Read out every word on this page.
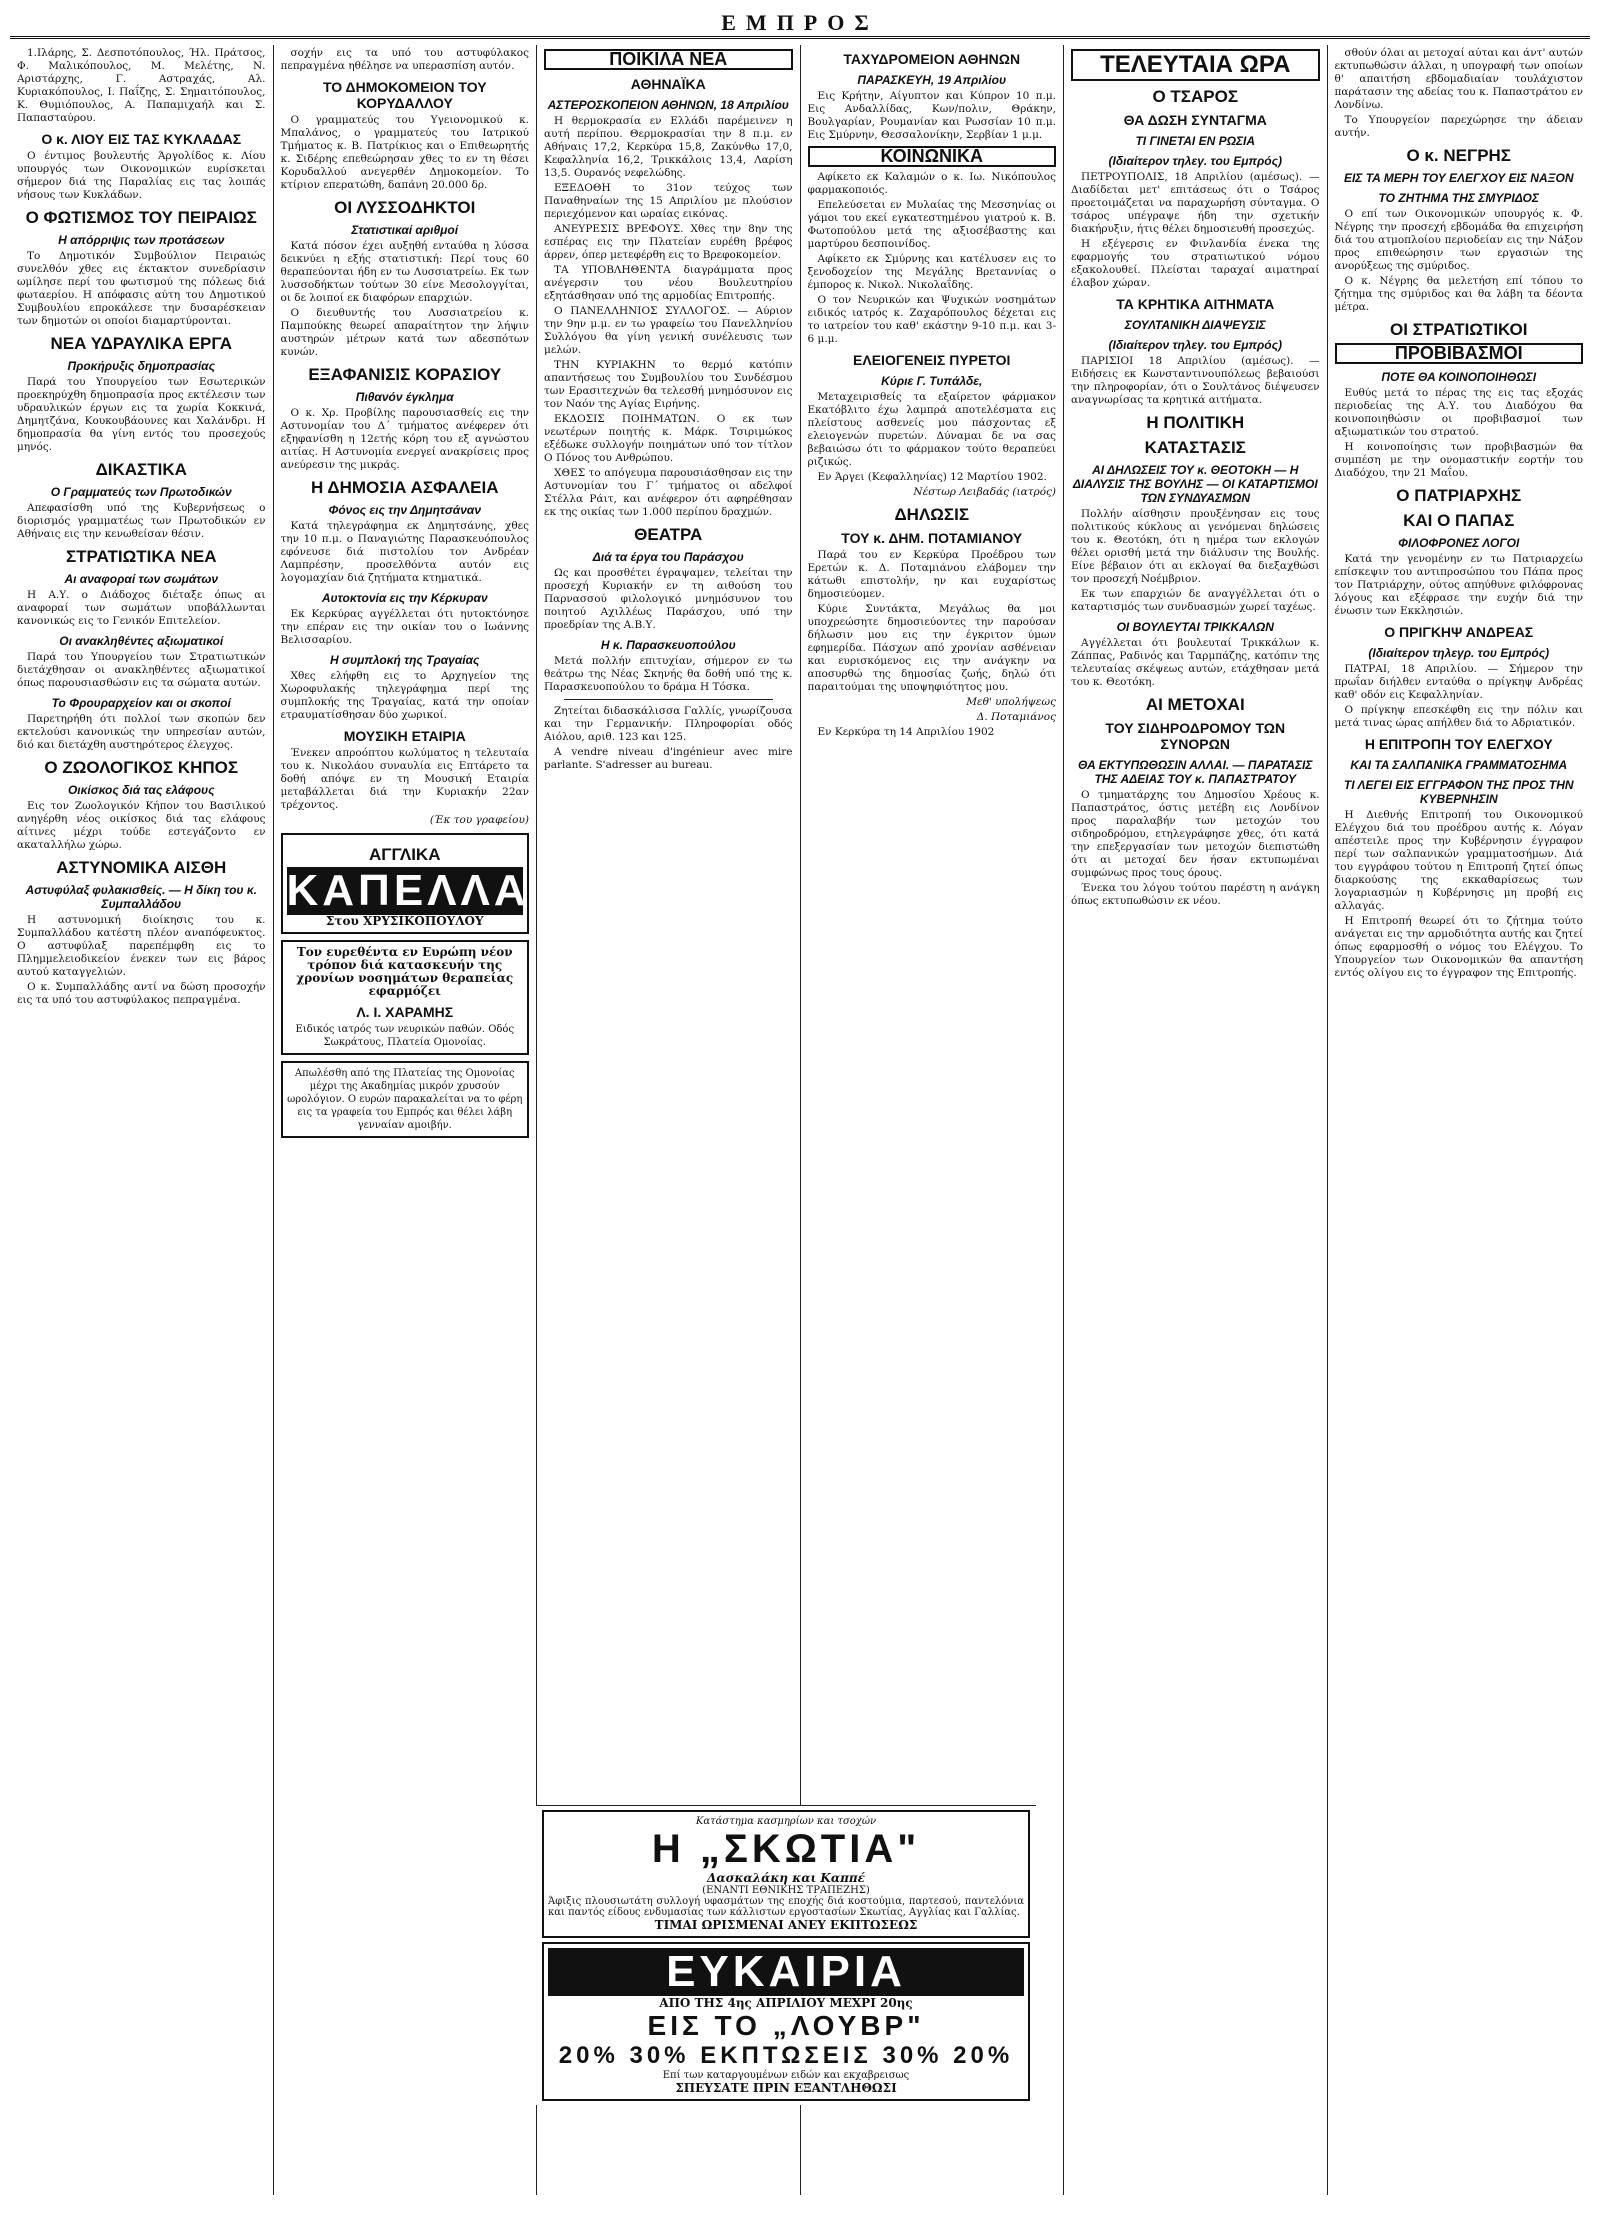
ΕΜΠΡΟΣ

1.Ιλάρης, Σ. Δεσποτόπουλος, Ήλ. Πράτσος, Φ. Μαλικόπουλος, Μ. Μελέτης, Ν. Αριστάρχης, Γ. Αστραχάς, Αλ. Κυριακόπουλος, Ι. Παΐζης, Σ. Σημαιτόπουλος, Κ. Θυμιόπουλος, Α. Παπαμιχαήλ και Σ. Παπασταύρου.

Ο κ. ΛΙΟΥ ΕΙΣ ΤΑΣ ΚΥΚΛΑΔΑΣ

Ο έντιμος βουλευτής Άργολίδος κ. Λίου υπουργός των Οικονομικών ευρίσκεται σήμερον διά της Παραλίας εις τας λοιπάς νήσους των Κυκλάδων.

Ο ΦΩΤΙΣΜΟΣ ΤΟΥ ΠΕΙΡΑΙΩΣ
Η απόρριψις των προτάσεων

Το Δημοτικόν Συμβούλιον Πειραιώς συνελθόν χθες εις έκτακτον συνεδρίασιν ωμίλησε περί του φωτισμού της πόλεως διά φωταερίου. Η απόφασις αύτη του Δημοτικού Συμβουλίου επροκάλεσε την δυσαρέσκειαν των δημοτών οι οποίοι διαμαρτύρονται.

ΝΕΑ ΥΔΡΑΥΛΙΚΑ ΕΡΓΑ
Προκήρυξις δημοπρασίας

Παρά του Υπουργείου των Εσωτερικών προεκηρύχθη δημοπρασία προς εκτέλεσιν των υδραυλικών έργων εις τα χωρία Κοκκινά, Δημητζάνα, Κουκουβάουνες και Χαλάνδρι. Η δημοπρασία θα γίνη εντός του προσεχούς μηνός.

ΔΙΚΑΣΤΙΚΑ
Ο Γραμματεύς των Πρωτοδικών

Απεφασίσθη υπό της Κυβερνήσεως ο διορισμός γραμματέως των Πρωτοδικών εν Αθήναις εις την κενωθείσαν θέσιν.

ΣΤΡΑΤΙΩΤΙΚΑ ΝΕΑ
Αι αναφοραί των σωμάτων

Η Α.Υ. ο Διάδοχος διέταξε όπως αι αναφοραί των σωμάτων υποβάλλωνται κανονικώς εις το Γενικόν Επιτελείον.

Οι ανακληθέντες αξιωματικοί

Παρά του Υπουργείου των Στρατιωτικών διετάχθησαν οι ανακληθέντες αξιωματικοί όπως παρουσιασθώσιν εις τα σώματα αυτών.

Το Φρουραρχείον και οι σκοποί

Παρετηρήθη ότι πολλοί των σκοπών δεν εκτελούσι κανονικώς την υπηρεσίαν αυτών, διό και διετάχθη αυστηρότερος έλεγχος.

Ο ΖΩΟΛΟΓΙΚΟΣ ΚΗΠΟΣ
Οικίσκος διά τας ελάφους

Εις τον Ζωολογικόν Κήπον του Βασιλικού ανηγέρθη νέος οικίσκος διά τας ελάφους αίτινες μέχρι τούδε εστεγάζοντο εν ακαταλλήλω χώρω.

ΑΣΤΥΝΟΜΙΚΑ ΑΙΣΘΗ
Αστυφύλαξ φυλακισθείς. — Η δίκη του κ. Συμπαλλάδου

Η αστυνομική διοίκησις του κ. Συμπαλλάδου κατέστη πλέον αναπόφευκτος. Ο αστυφύλαξ παρεπέμφθη εις το Πλημμελειοδικείον ένεκεν των εις βάρος αυτού καταγγελιών.

Ο κ. Συμπαλλάδης αντί να δώση προσοχήν εις τα υπό του αστυφύλακος πεπραγμένα.

σοχήν εις τα υπό του αστυφύλακος πεπραγμένα ηθέλησε να υπερασπίση αυτόν.

ΤΟ ΔΗΜΟΚΟΜΕΙΟΝ ΤΟΥ ΚΟΡΥΔΑΛΛΟΥ

Ο γραμματεύς του Υγειονομικού κ. Μπαλάνος, ο γραμματεύς του Ιατρικού Τμήματος κ. Β. Πατρίκιος και ο Επιθεωρητής κ. Σιδέρης επεθεώρησαν χθες το εν τη θέσει Κορυδαλλού ανεγερθέν Δημοκομείον. Το κτίριον επερατώθη, δαπάνη 20.000 δρ.

ΟΙ ΛΥΣΣΟΔΗΚΤΟΙ
Στατιστικαί αριθμοί

Κατά πόσον έχει αυξηθή ενταύθα η λύσσα δεικνύει η εξής στατιστική: Περί τους 60 θεραπεύονται ήδη εν τω Λυσσιατρείω. Εκ των λυσσοδήκτων τούτων 30 είνε Μεσολογγίται, οι δε λοιποί εκ διαφόρων επαρχιών.

Ο διευθυντής του Λυσσιατρείου κ. Παμπούκης θεωρεί απαραίτητον την λήψιν αυστηρών μέτρων κατά των αδεσπότων κυνών.

ΕΞΑΦΑΝΙΣΙΣ ΚΟΡΑΣΙΟΥ
Πιθανόν έγκλημα

Ο κ. Χρ. Προβίλης παρουσιασθείς εις την Αστυνομίαν του Δ΄ τμήματος ανέφερεν ότι εξηφανίσθη η 12ετής κόρη του εξ αγνώστου αιτίας. Η Αστυνομία ενεργεί ανακρίσεις προς ανεύρεσιν της μικράς.

Η ΔΗΜΟΣΙΑ ΑΣΦΑΛΕΙΑ
Φόνος εις την Δημητσάναν

Κατά τηλεγράφημα εκ Δημητσάνης, χθες την 10 π.μ. ο Παναγιώτης Παρασκευόπουλος εφόνευσε διά πιστολίου τον Ανδρέαν Λαμπρέσην, προσελθόντα αυτόν εις λογομαχίαν διά ζητήματα κτηματικά.

Αυτοκτονία εις την Κέρκυραν

Εκ Κερκύρας αγγέλλεται ότι ηυτοκτόνησε την επέραν εις την οικίαν του ο Ιωάννης Βελισσαρίου.

Η συμπλοκή της Τραγαίας

Χθες ελήφθη εις το Αρχηγείον της Χωροφυλακής τηλεγράφημα περί της συμπλοκής της Τραγαίας, κατά την οποίαν ετραυματίσθησαν δύο χωρικοί.

ΜΟΥΣΙΚΗ ΕΤΑΙΡΙΑ

Ένεκεν απροόπτου κωλύματος η τελευταία του κ. Νικολάου συναυλία εις Επτάρετο τα δοθή απόψε εν τη Μουσική Εταιρία μεταβάλλεται διά την Κυριακήν 22αν τρέχοντος.

(Έκ του γραφείου)

ΑΓΓΛΙΚΑ
ΚΑΠΕΛΛΑ
Στου ΧΡΥΣΙΚΟΠΟΥΛΟΥ
Τον ευρεθέντα εν Ευρώπη νέον τρόπον διά κατασκευήν της χρονίων νοσημάτων θεραπείας εφαρμόζει
Λ. Ι. ΧΑΡΑΜΗΣ
Ειδικός ιατρός των νευρικών παθών. Οδός Σωκράτους, Πλατεία Ομονοίας.
Απωλέσθη από της Πλατείας της Ομονοίας μέχρι της Ακαδημίας μικρόν χρυσούν ωρολόγιον. Ο ευρών παρακαλείται να το φέρη εις τα γραφεία του Εμπρός και θέλει λάβη γενναίαν αμοιβήν.
ΠΟΙΚΙΛΑ ΝΕΑ
ΑΘΗΝΑΪΚΑ
ΑΣΤΕΡΟΣΚΟΠΕΙΟΝ ΑΘΗΝΩΝ, 18 Απριλίου

Η θερμοκρασία εν Ελλάδι παρέμεινεν η αυτή περίπου. Θερμοκρασίαι την 8 π.μ. εν Αθήναις 17,2, Κερκύρα 15,8, Ζακύνθω 17,0, Κεφαλληνία 16,2, Τρικκάλοις 13,4, Λαρίση 13,5. Ουρανός νεφελώδης.

ΕΞΕΔΟΘΗ το 31ον τεύχος των Παναθηναίων της 15 Απριλίου με πλούσιον περιεχόμενον και ωραίας εικόνας.

ΑΝΕΥΡΕΣΙΣ ΒΡΕΦΟΥΣ. Χθες την 8ην της εσπέρας εις την Πλατείαν ευρέθη βρέφος άρρεν, όπερ μετεφέρθη εις το Βρεφοκομείον.

ΤΑ ΥΠΟΒΛΗΘΕΝΤΑ διαγράμματα προς ανέγερσιν του νέου Βουλευτηρίου εξητάσθησαν υπό της αρμοδίας Επιτροπής.

Ο ΠΑΝΕΛΛΗΝΙΟΣ ΣΥΛΛΟΓΟΣ. — Αύριον την 9ην μ.μ. εν τω γραφείω του Πανελληνίου Συλλόγου θα γίνη γενική συνέλευσις των μελών.

ΤΗΝ ΚΥΡΙΑΚΗΝ το θερμό κατόπιν απαντήσεως του Συμβουλίου του Συνδέσμου των Ερασιτεχνών θα τελεσθή μνημόσυνον εις τον Ναόν της Αγίας Ειρήνης.

ΕΚΔΟΣΙΣ ΠΟΙΗΜΑΤΩΝ. Ο εκ των νεωτέρων ποιητής κ. Μάρκ. Τσιριμώκος εξέδωκε συλλογήν ποιημάτων υπό τον τίτλον Ο Πόνος του Ανθρώπου.

ΧΘΕΣ το απόγευμα παρουσιάσθησαν εις την Αστυνομίαν του Γ΄ τμήματος οι αδελφοί Στέλλα Ράιτ, και ανέφερον ότι αφηρέθησαν εκ της οικίας των 1.000 περίπου δραχμών.

ΘΕΑΤΡΑ
Διά τα έργα του Παράσχου

Ως και προσθέτει έγραψαμεν, τελείται την προσεχή Κυριακήν εν τη αιθούση του Παρνασσού φιλολογικό μνημόσυνον του ποιητού Αχιλλέως Παράσχου, υπό την προεδρίαν της Α.Β.Υ.

Η κ. Παρασκευοπούλου

Μετά πολλήν επιτυχίαν, σήμερον εν τω θεάτρω της Νέας Σκηνής θα δοθή υπό της κ. Παρασκευοπούλου το δράμα Η Τόσκα.

Ζητείται διδασκάλισσα Γαλλίς, γνωρίζουσα και την Γερμανικήν. Πληροφορίαι οδός Αιόλου, αριθ. 123 και 125.

A vendre niveau d'ingénieur avec mire parlante. S'adresser au bureau.

ΤΑΧΥΔΡΟΜΕΙΟΝ ΑΘΗΝΩΝ
ΠΑΡΑΣΚΕΥΗ, 19 Απριλίου

Εις Κρήτην, Αίγυπτον και Κύπρον 10 π.μ. Εις Ανδαλλίδας, Κων/πολιν, Θράκην, Βουλγαρίαν, Ρουμανίαν και Ρωσσίαν 10 π.μ. Εις Σμύρνην, Θεσσαλονίκην, Σερβίαν 1 μ.μ.

ΚΟΙΝΩΝΙΚΑ

Αφίκετο εκ Καλαμών ο κ. Ιω. Νικόπουλος φαρμακοποιός.

Επελεύσεται εν Μυλαίας της Μεσσηνίας οι γάμοι του εκεί εγκατεστημένου γιατρού κ. Β. Φωτοπούλου μετά της αξιοσέβαστης και μαρτύρου δεσποινίδος.

Αφίκετο εκ Σμύρνης και κατέλυσεν εις το ξενοδοχείον της Μεγάλης Βρεταννίας ο έμπορος κ. Νικολ. Νικολαΐδης.

Ο τον Νευρικών και Ψυχικών νοσημάτων ειδικός ιατρός κ. Ζαχαρόπουλος δέχεται εις το ιατρείον του καθ' εκάστην 9-10 π.μ. και 3-6 μ.μ.

ΕΛΕΙΟΓΕΝΕΙΣ ΠΥΡΕΤΟΙ
Κύριε Γ. Τυπάλδε,

Μεταχειρισθείς τα εξαίρετον φάρμακον Εκατόβλιτο έχω λαμπρά αποτελέσματα εις πλείστους ασθενείς μου πάσχοντας εξ ελειογενών πυρετών. Δύναμαι δε να σας βεβαιώσω ότι το φάρμακον τούτο θεραπεύει ριζικώς.

Εν Άργει (Κεφαλληνίας) 12 Μαρτίου 1902.

Νέστωρ Λειβαδάς (ιατρός)

ΔΗΛΩΣΙΣ
ΤΟΥ κ. ΔΗΜ. ΠΟΤΑΜΙΑΝΟΥ

Παρά του εν Κερκύρα Προέδρου των Ερετών κ. Δ. Ποταμιάνου ελάβομεν την κάτωθι επιστολήν, ην και ευχαρίστως δημοσιεύομεν.

Κύριε Συντάκτα, Μεγάλως θα μοι υποχρεώσητε δημοσιεύοντες την παρούσαν δήλωσιν μου εις την έγκριτον ύμων εφημερίδα. Πάσχων από χρονίαν ασθένειαν και ευρισκόμενος εις την ανάγκην να αποσυρθώ της δημοσίας ζωής, δηλώ ότι παραιτούμαι της υποψηφιότητος μου.

Μεθ' υπολήψεως

Δ. Ποταμιάνος

Εν Κερκύρα τη 14 Απριλίου 1902

ΤΕΛΕΥΤΑΙΑ ΩΡΑ
Ο ΤΣΑΡΟΣ
ΘΑ ΔΩΣΗ ΣΥΝΤΑΓΜΑ
ΤΙ ΓΙΝΕΤΑΙ ΕΝ ΡΩΣΙΑ
(Ιδιαίτερον τηλεγ. του Εμπρός)

ΠΕΤΡΟΥΠΟΛΙΣ, 18 Απριλίου (αμέσως). — Διαδίδεται μετ' επιτάσεως ότι ο Τσάρος προετοιμάζεται να παραχωρήση σύνταγμα. Ο τσάρος υπέγραψε ήδη την σχετικήν διακήρυξιν, ήτις θέλει δημοσιευθή προσεχώς.

Η εξέγερσις εν Φινλανδία ένεκα της εφαρμογής του στρατιωτικού νόμου εξακολουθεί. Πλείσται ταραχαί αιματηραί έλαβον χώραν.

ΤΑ ΚΡΗΤΙΚΑ ΑΙΤΗΜΑΤΑ
ΣΟΥΛΤΑΝΙΚΗ ΔΙΑΨΕΥΣΙΣ
(Ιδιαίτερον τηλεγ. του Εμπρός)

ΠΑΡΙΣΙΟΙ 18 Απριλίου (αμέσως). — Ειδήσεις εκ Κωνσταντινουπόλεως βεβαιούσι την πληροφορίαν, ότι ο Σουλτάνος διέψευσεν αναγνωρίσας τα κρητικά αιτήματα.

Η ΠΟΛΙΤΙΚΗ
ΚΑΤΑΣΤΑΣΙΣ
ΑΙ ΔΗΛΩΣΕΙΣ ΤΟΥ κ. ΘΕΟΤΟΚΗ — Η ΔΙΑΛΥΣΙΣ ΤΗΣ ΒΟΥΛΗΣ — ΟΙ ΚΑΤΑΡΤΙΣΜΟΙ ΤΩΝ ΣΥΝΔΥΑΣΜΩΝ

Πολλήν αίσθησιν προυξένησαν εις τους πολιτικούς κύκλους αι γενόμεναι δηλώσεις του κ. Θεοτόκη, ότι η ημέρα των εκλογών θέλει ορισθή μετά την διάλυσιν της Βουλής. Είνε βέβαιον ότι αι εκλογαί θα διεξαχθώσι τον προσεχή Νοέμβριον.

Εκ των επαρχιών δε αναγγέλλεται ότι ο καταρτισμός των συνδυασμών χωρεί ταχέως.

ΟΙ ΒΟΥΛΕΥΤΑΙ ΤΡΙΚΚΑΛΩΝ

Αγγέλλεται ότι βουλευταί Τρικκάλων κ. Ζάππας, Ραδινός και Ταρμπάζης, κατόπιν της τελευταίας σκέψεως αυτών, ετάχθησαν μετά του κ. Θεοτόκη.

ΑΙ ΜΕΤΟΧΑΙ
ΤΟΥ ΣΙΔΗΡΟΔΡΟΜΟΥ ΤΩΝ ΣΥΝΟΡΩΝ
ΘΑ ΕΚΤΥΠΩΘΩΣΙΝ ΑΛΛΑΙ. — ΠΑΡΑΤΑΣΙΣ ΤΗΣ ΑΔΕΙΑΣ ΤΟΥ κ. ΠΑΠΑΣΤΡΑΤΟΥ

Ο τμηματάρχης του Δημοσίου Χρέους κ. Παπαστράτος, όστις μετέβη εις Λονδίνον προς παραλαβήν των μετοχών του σιδηροδρόμου, ετηλεγράφησε χθες, ότι κατά την επεξεργασίαν των μετοχών διεπιστώθη ότι αι μετοχαί δεν ήσαν εκτυπωμέναι συμφώνως προς τους όρους.

Ένεκα του λόγου τούτου παρέστη η ανάγκη όπως εκτυπωθώσιν εκ νέου.

σθούν όλαι αι μετοχαί αύται και άντ' αυτών εκτυπωθώσιν άλλαι, η υπογραφή των οποίων θ' απαιτήση εβδομαδιαίαν τουλάχιστον παράτασιν της αδείας του κ. Παπαστράτου εν Λονδίνω.

Το Υπουργείον παρεχώρησε την άδειαν αυτήν.

Ο κ. ΝΕΓΡΗΣ
ΕΙΣ ΤΑ ΜΕΡΗ ΤΟΥ ΕΛΕΓΧΟΥ ΕΙΣ ΝΑΞΟΝ
ΤΟ ΖΗΤΗΜΑ ΤΗΣ ΣΜΥΡΙΔΟΣ

Ο επί των Οικονομικών υπουργός κ. Φ. Νέγρης την προσεχή εβδομάδα θα επιχειρήση διά του ατμοπλοίου περιοδείαν εις την Νάξον προς επιθεώρησιν των εργασιών της ανορύξεως της σμύριδος.

Ο κ. Νέγρης θα μελετήση επί τόπου το ζήτημα της σμύριδος και θα λάβη τα δέοντα μέτρα.

ΟΙ ΣΤΡΑΤΙΩΤΙΚΟΙ
ΠΡΟΒΙΒΑΣΜΟΙ
ΠΟΤΕ ΘΑ ΚΟΙΝΟΠΟΙΗΘΩΣΙ

Ευθύς μετά το πέρας της εις τας εξοχάς περιοδείας της Α.Υ. του Διαδόχου θα κοινοποιηθώσιν οι προβιβασμοί των αξιωματικών του στρατού.

Η κοινοποίησις των προβιβασμών θα συμπέση με την ονομαστικήν εορτήν του Διαδόχου, την 21 Μαΐου.

Ο ΠΑΤΡΙΑΡΧΗΣ
ΚΑΙ Ο ΠΑΠΑΣ
ΦΙΛΟΦΡΟΝΕΣ ΛΟΓΟΙ

Κατά την γενομένην εν τω Πατριαρχείω επίσκεψιν του αντιπροσώπου του Πάπα προς τον Πατριάρχην, ούτος απηύθυνε φιλόφρονας λόγους και εξέφρασε την ευχήν διά την ένωσιν των Εκκλησιών.

Ο ΠΡΙΓΚΗΨ ΑΝΔΡΕΑΣ
(Ιδιαίτερον τηλεγρ. του Εμπρός)

ΠΑΤΡΑΙ, 18 Απριλίου. — Σήμερον την πρωΐαν διήλθεν ενταύθα ο πρίγκηψ Ανδρέας καθ' οδόν εις Κεφαλληνίαν.

Ο πρίγκηψ επεσκέφθη εις την πόλιν και μετά τινας ώρας απήλθεν διά το Αδριατικόν.

Η ΕΠΙΤΡΟΠΗ ΤΟΥ ΕΛΕΓΧΟΥ
ΚΑΙ ΤΑ ΣΑΛΠΑΝΙΚΑ ΓΡΑΜΜΑΤΟΣΗΜΑ
ΤΙ ΛΕΓΕΙ ΕΙΣ ΕΓΓΡΑΦΟΝ ΤΗΣ ΠΡΟΣ ΤΗΝ ΚΥΒΕΡΝΗΣΙΝ

Η Διεθνής Επιτροπή του Οικονομικού Ελέγχου διά του προέδρου αυτής κ. Λόγαν απέστειλε προς την Κυβέρνησιν έγγραφον περί των σαλπανικών γραμματοσήμων. Διά του εγγράφου τούτου η Επιτροπή ζητεί όπως διαρκούσης της εκκαθαρίσεως των λογαριασμών η Κυβέρνησις μη προβή εις αλλαγάς.

Η Επιτροπή θεωρεί ότι το ζήτημα τούτο ανάγεται εις την αρμοδιότητα αυτής και ζητεί όπως εφαρμοσθή ο νόμος του Ελέγχου. Το Υπουργείον των Οικονομικών θα απαντήση εντός ολίγου εις το έγγραφον της Επιτροπής.

Κατάστημα κασμηρίων και τσοχών
Η „ΣΚΩΤΙΑ"
Δασκαλάκη και Καππέ
(ΕΝΑΝΤΙ ΕΘΝΙΚΗΣ ΤΡΑΠΕΖΗΣ)
Άφιξις πλουσιωτάτη συλλογή υφασμάτων της εποχής διά κοστούμια, παρτεσού, παντελόνια και παντός είδους ενδυμασίας των κάλλιστων εργοστασίων Σκωτίας, Αγγλίας και Γαλλίας.
ΤΙΜΑΙ ΩΡΙΣΜΕΝΑΙ ΑΝΕΥ ΕΚΠΤΩΣΕΩΣ
ΕΥΚΑΙΡΙΑ
ΑΠΟ ΤΗΣ 4ης ΑΠΡΙΛΙΟΥ ΜΕΧΡΙ 20ης
ΕΙΣ ΤΟ „ΛΟΥΒΡ"
20% 30% ΕΚΠΤΩΣΕΙΣ 30% 20%
Επί των καταργουμένων ειδών και εκχαβρεισως
ΣΠΕΥΣΑΤΕ ΠΡΙΝ ΕΞΑΝΤΛΗΘΩΣΙ
